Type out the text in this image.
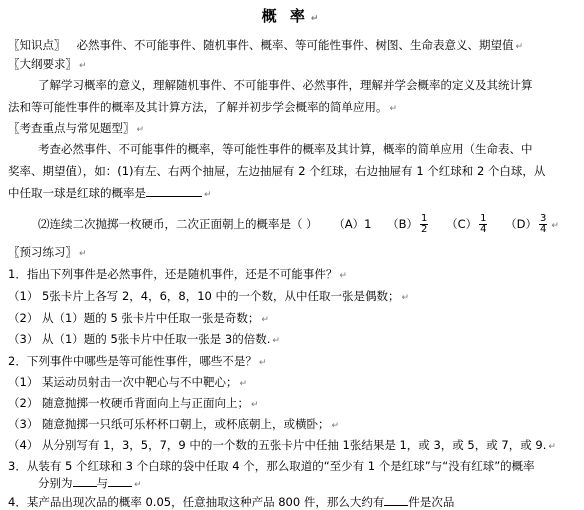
概 率 ↵
〖知识点〗 必然事件、不可能事件、随机事件、概率、等可能性事件、树图、生命表意义、期望值 ↵
〖大纲要求〗 ↵
了解学习概率的意义，理解随机事件、不可能事件、必然事件，理解并学会概率的定义及其统计算
法和等可能性事件的概率及其计算方法，了解并初步学会概率的简单应用。 ↵
〖考查重点与常见题型〗 ↵
考查必然事件、不可能事件的概率，等可能性事件的概率及其计算，概率的简单应用（生命表、中
奖率、期望值），如：(1)有左、右两个抽屉，左边抽屉有 2 个红球，右边抽屉有 1 个红球和 2 个白球，从
中任取一球是红球的概率是	↵
⑵连续二次抛掷一枚硬币，二次正面朝上的概率是（ ） （A）1 $(B) \frac{1}{2} (C) \frac{1}{4} (D) \frac{3}{4}$ ↵
〖预习练习〗 ↵
1．指出下列事件是必然事件，还是随机事件，还是不可能事件？ ↵
（1） 5张卡片上各写 2，4，6，8，10 中的一个数，从中任取一张是偶数； ↵
（2） 从（1）题的 5 张卡片中任取一张是奇数； ↵
（3） 从（1）题的 5张卡片中任取一张是 3的倍数. ↵
2．下列事件中哪些是等可能性事件，哪些不是？ ↵
（1） 某运动员射击一次中靶心与不中靶心； ↵
（2） 随意抛掷一枚硬币背面向上与正面向上； ↵
（3） 随意抛掷一只纸可乐杯杯口朝上，或杯底朝上，或横卧； ↵
（4） 从分别写有 1，3，5，7，9 中的一个数的五张卡片中任抽 1张结果是 1，或 3，或 5，或 7，或 9. ↵
3．从装有 5 个红球和 3 个白球的袋中任取 4 个，那么取道的“至少有 1 个是红球”与“没有红球”的概率
分别为 与	↵
4．某产品出现次品的概率 0.05，任意抽取这种产品 800 件，那么大约有 件是次品
